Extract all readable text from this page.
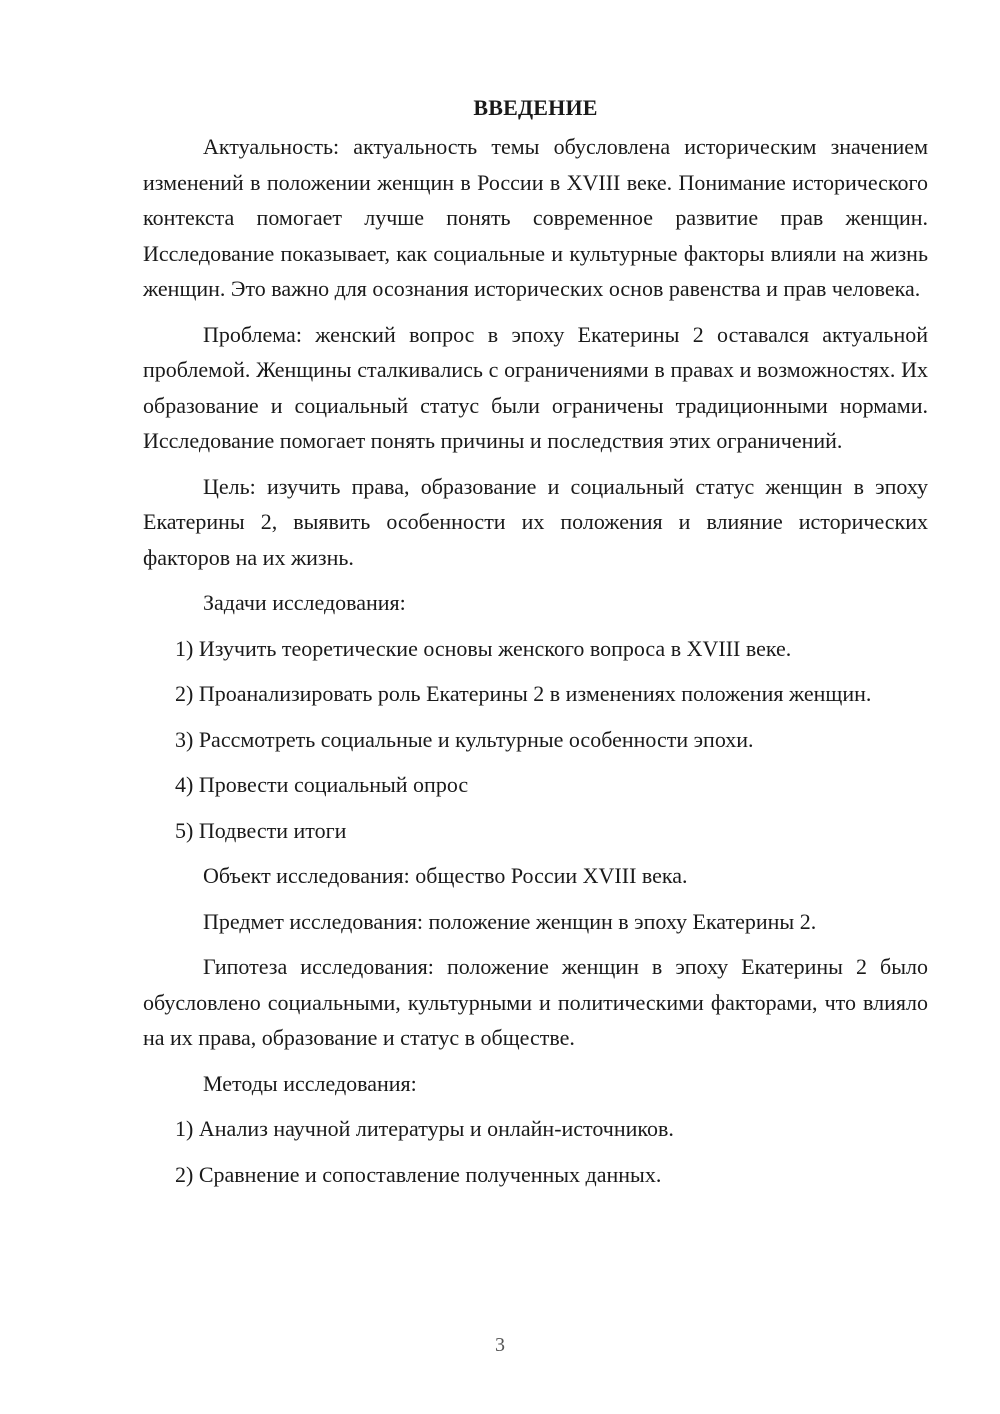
ВВЕДЕНИЕ

Актуальность: актуальность темы обусловлена историческим значением изменений в положении женщин в России в XVIII веке. Понимание исторического контекста помогает лучше понять современное развитие прав женщин. Исследование показывает, как социальные и культурные факторы влияли на жизнь женщин. Это важно для осознания исторических основ равенства и прав человека.

Проблема: женский вопрос в эпоху Екатерины 2 оставался актуальной проблемой. Женщины сталкивались с ограничениями в правах и возможностях. Их образование и социальный статус были ограничены традиционными нормами. Исследование помогает понять причины и последствия этих ограничений.

Цель: изучить права, образование и социальный статус женщин в эпоху Екатерины 2, выявить особенности их положения и влияние исторических факторов на их жизнь.

Задачи исследования:

1) Изучить теоретические основы женского вопроса в XVIII веке.

2) Проанализировать роль Екатерины 2 в изменениях положения женщин.

3) Рассмотреть социальные и культурные особенности эпохи.

4) Провести социальный опрос

5) Подвести итоги

Объект исследования: общество России XVIII века.

Предмет исследования: положение женщин в эпоху Екатерины 2.

Гипотеза исследования: положение женщин в эпоху Екатерины 2 было обусловлено социальными, культурными и политическими факторами, что влияло на их права, образование и статус в обществе.

Методы исследования:

1) Анализ научной литературы и онлайн-источников.

2) Сравнение и сопоставление полученных данных.

3
